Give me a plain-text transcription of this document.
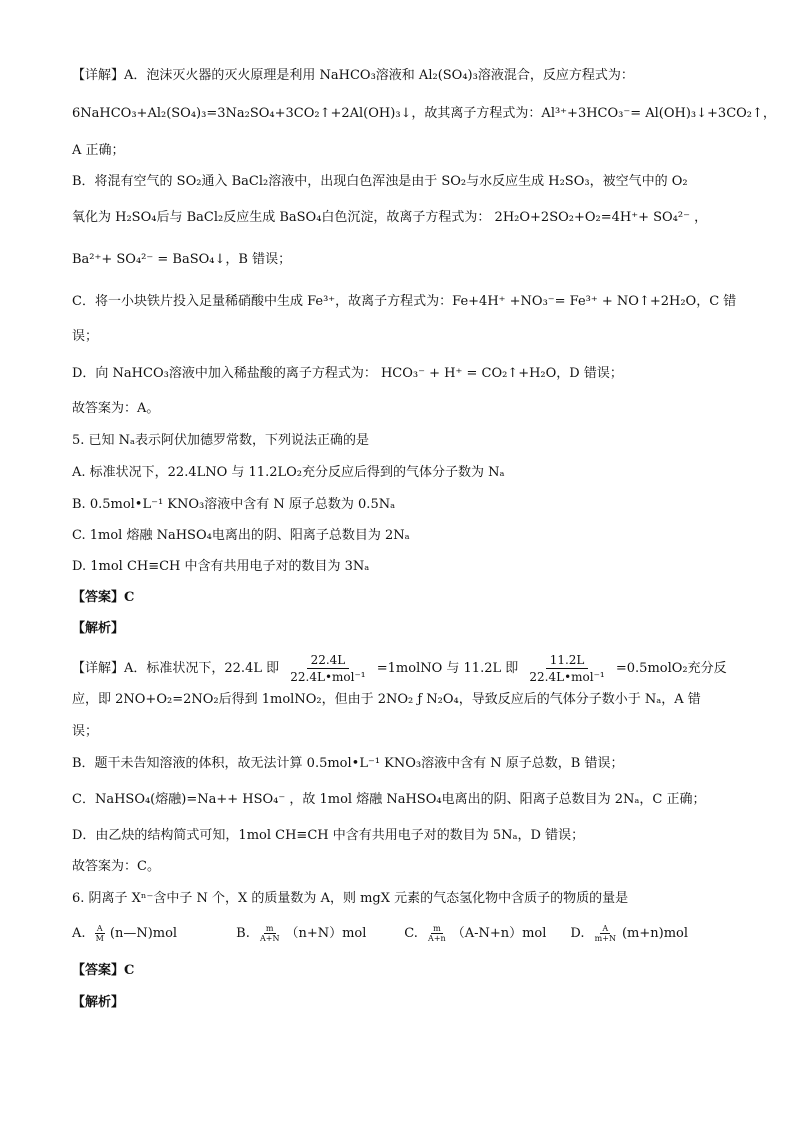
【详解】A．泡沫灭火器的灭火原理是利用 NaHCO₃溶液和 Al₂(SO₄)₃溶液混合，反应方程式为：
6NaHCO₃+Al₂(SO₄)₃=3Na₂SO₄+3CO₂↑+2Al(OH)₃↓，故其离子方程式为：Al³⁺+3HCO₃⁻= Al(OH)₃↓+3CO₂↑，
A 正确；
B．将混有空气的 SO₂通入 BaCl₂溶液中，出现白色浑浊是由于 SO₂与水反应生成 H₂SO₃，被空气中的 O₂
氧化为 H₂SO₄后与 BaCl₂反应生成 BaSO₄白色沉淀，故离子方程式为： 2H₂O+2SO₂+O₂=4H⁺+ SO₄²⁻ ，
Ba²⁺+ SO₄²⁻ = BaSO₄↓，B 错误；
C．将一小块铁片投入足量稀硝酸中生成 Fe³⁺，故离子方程式为：Fe+4H⁺ +NO₃⁻= Fe³⁺ + NO↑+2H₂O，C 错
误；
D．向 NaHCO₃溶液中加入稀盐酸的离子方程式为： HCO₃⁻ + H⁺ = CO₂↑+H₂O，D 错误；
故答案为：A。
5. 已知 Nₐ表示阿伏加德罗常数，下列说法正确的是
A. 标准状况下，22.4LNO 与 11.2LO₂充分反应后得到的气体分子数为 Nₐ
B. 0.5mol•L⁻¹ KNO₃溶液中含有 N 原子总数为 0.5Nₐ
C. 1mol 熔融 NaHSO₄电离出的阴、阳离子总数目为 2Nₐ
D. 1mol CH≡CH 中含有共用电子对的数目为 3Nₐ
【答案】C
【解析】
【详解】A．标准状况下，22.4L 即 $\frac{22.4L}{\text{22.4L•mol⁻¹}}$ =1molNO 与 11.2L 即 $\frac{11.2L}{\text{22.4L•mol⁻¹}}$ =0.5molO₂充分反
应，即 2NO+O₂=2NO₂后得到 1molNO₂，但由于 2NO₂ ƒ N₂O₄，导致反应后的气体分子数小于 Nₐ，A 错
误；
B．题干未告知溶液的体积，故无法计算 0.5mol•L⁻¹ KNO₃溶液中含有 N 原子总数，B 错误；
C．NaHSO₄(熔融)=Na++ HSO₄⁻ ，故 1mol 熔融 NaHSO₄电离出的阴、阳离子总数目为 2Nₐ，C 正确；
D．由乙炔的结构简式可知，1mol CH≡CH 中含有共用电子对的数目为 5Nₐ，D 错误；
故答案为：C。
6. 阴离子 Xⁿ⁻含中子 N 个，X 的质量数为 A，则 mgX 元素的气态氢化物中含质子的物质的量是
A. $\frac{A}{M}$ (n—N)mol	B. $\frac{m}{A+N} (n+N)mol$	C. $\frac{m}{A+n} (A-N+n)mol$ D. $\frac{A}{m+N} (m+n)mol$
【答案】C
【解析】
